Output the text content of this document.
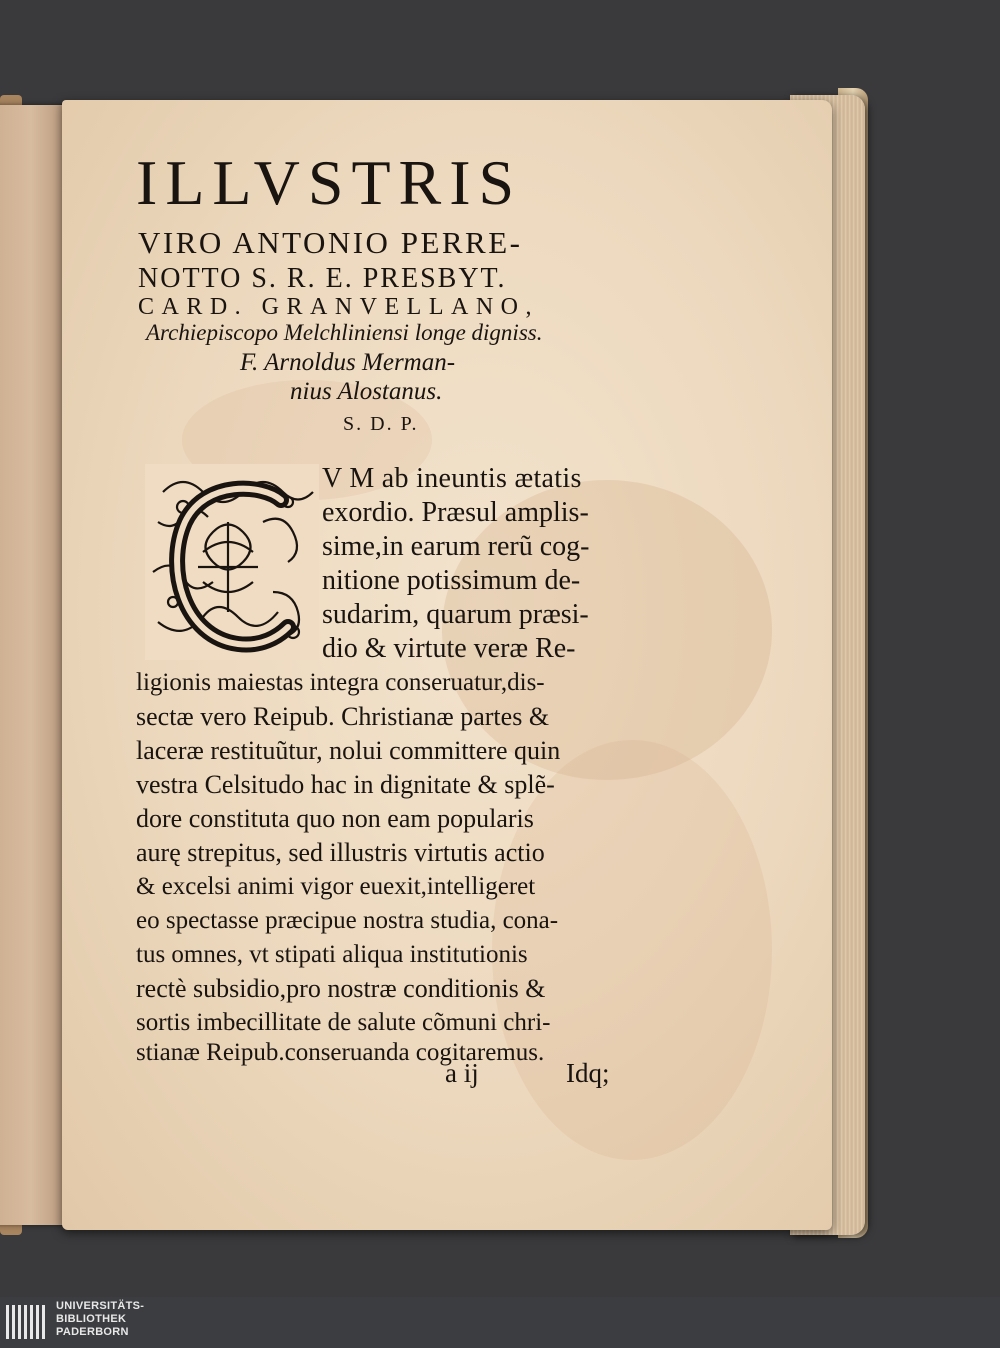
ILLVSTRIS
VIRO ANTONIO PERRE-
NOTTO S. R. E. PRESBYT.
CARD. GRANVELLANO,
Archiepiscopo Melchliniensi longe digniss.
F. Arnoldus Merman-
nius Alostanus.
S. D. P.
V M ab ineuntis ætatis
exordio. Præsul amplis-
sime,in earum rerũ cog-
nitione potissimum de-
sudarim, quarum præsi-
dio & virtute veræ Re-
ligionis maiestas integra conseruatur,dis-
sectæ vero Reipub. Christianæ partes &
laceræ restituũtur, nolui committere quin
vestra Celsitudo hac in dignitate & splẽ-
dore constituta quo non eam popularis
aurę strepitus, sed illustris virtutis actio
& excelsi animi vigor euexit,intelligeret
eo spectasse præcipue nostra studia, cona-
tus omnes, vt stipati aliqua institutionis
rectè subsidio,pro nostræ conditionis &
sortis imbecillitate de salute cõmuni chri-
stianæ Reipub.conseruanda cogitaremus.
a ij	Idq;
UNIVERSITÄTS-
BIBLIOTHEK
PADERBORN
